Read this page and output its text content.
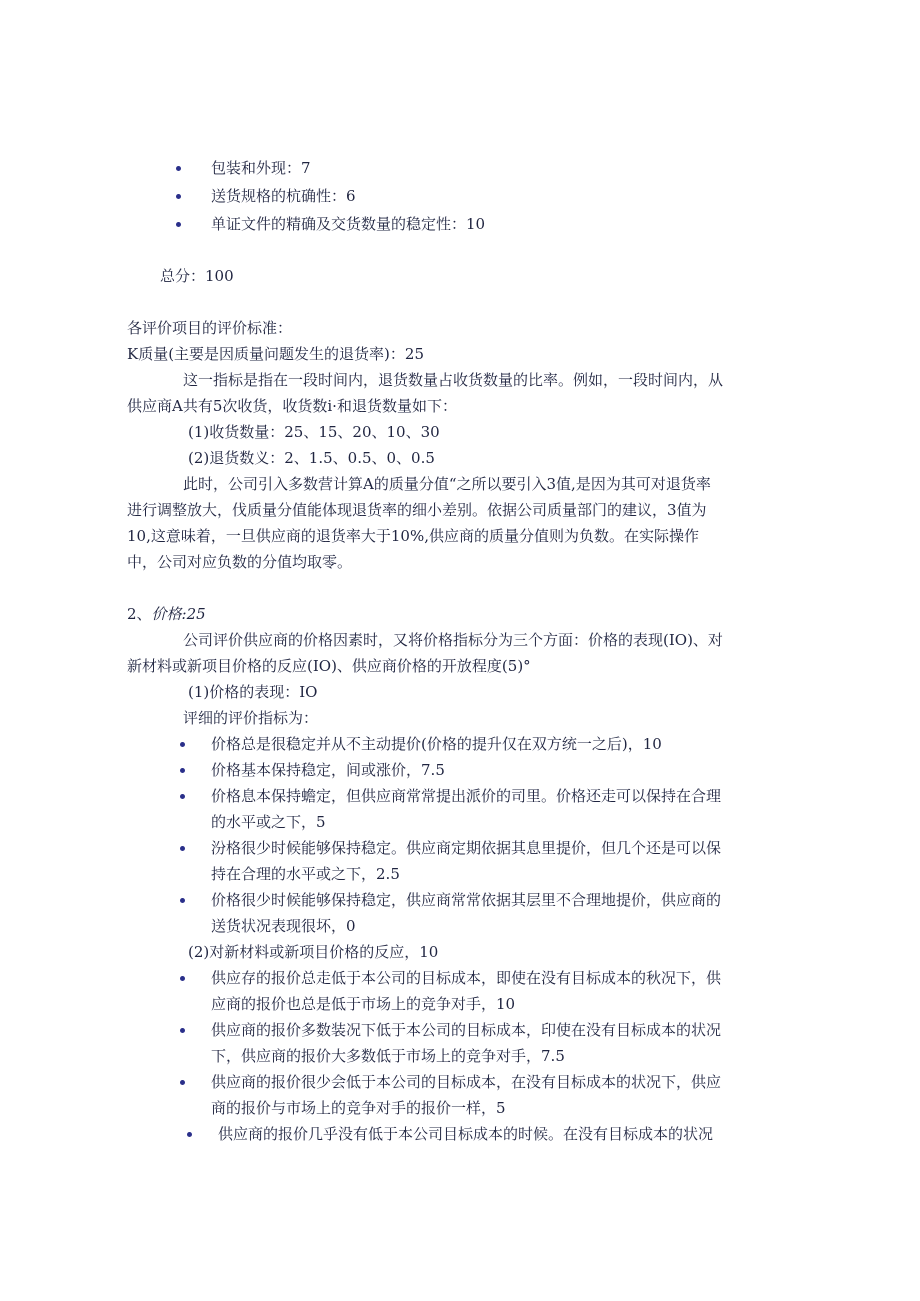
包装和外现：7
送货规格的杭确性：6
单证文件的精确及交货数量的稳定性：10
总分：100
各评价项目的评价标准：
K质量(主要是因质量问题发生的退货率)：25
这一指标是指在一段时间内，退货数量占收货数量的比率。例如，一段时间内，从
供应商A共有5次收货，收货数i·和退货数量如下：
(1)收货数量：25、15、20、10、30
(2)退货数义：2、1.5、0.5、0、0.5
此时，公司引入多数营计算A的质量分值“之所以要引入3值,是因为其可对退货率
进行调整放大，伐质量分值能体现退货率的细小差别。依据公司质量部门的建议，3值为
10,这意味着，一旦供应商的退货率大于10%,供应商的质量分值则为负数。在实际操作
中，公司对应负数的分值均取零。
2、价格:25
公司评价供应商的价格因素时，又将价格指标分为三个方面：价格的表现(IO)、对
新材料或新项目价格的反应(IO)、供应商价格的开放程度(5)°
(1)价格的表现：IO
评细的评价指标为：
价格总是很稳定并从不主动提价(价格的提升仅在双方统一之后)，10
价格基本保持稳定，间或涨价，7.5
价格息本保持蟾定，但供应商常常提出派价的司里。价格还走可以保持在合理
的水平或之下，5
汾格很少时候能够保持稳定。供应商定期依据其息里提价，但几个还是可以保
持在合理的水平或之下，2.5
价格很少时候能够保持稳定，供应商常常依据其层里不合理地提价，供应商的
送货状况表现很坏，0
(2)对新材料或新项目价格的反应，10
供应存的报价总走低于本公司的目标成本，即使在没有目标成本的秋况下，供
应商的报价也总是低于市场上的竞争对手，10
供应商的报价多数装况下低于本公司的目标成本，印使在没有目标成本的状况
下，供应商的报价大多数低于市场上的竞争对手，7.5
供应商的报价很少会低于本公司的目标成本，在没有目标成本的状况下，供应
商的报价与市场上的竞争对手的报价一样，5
供应商的报价几乎没有低于本公司目标成本的时候。在没有目标成本的状况
